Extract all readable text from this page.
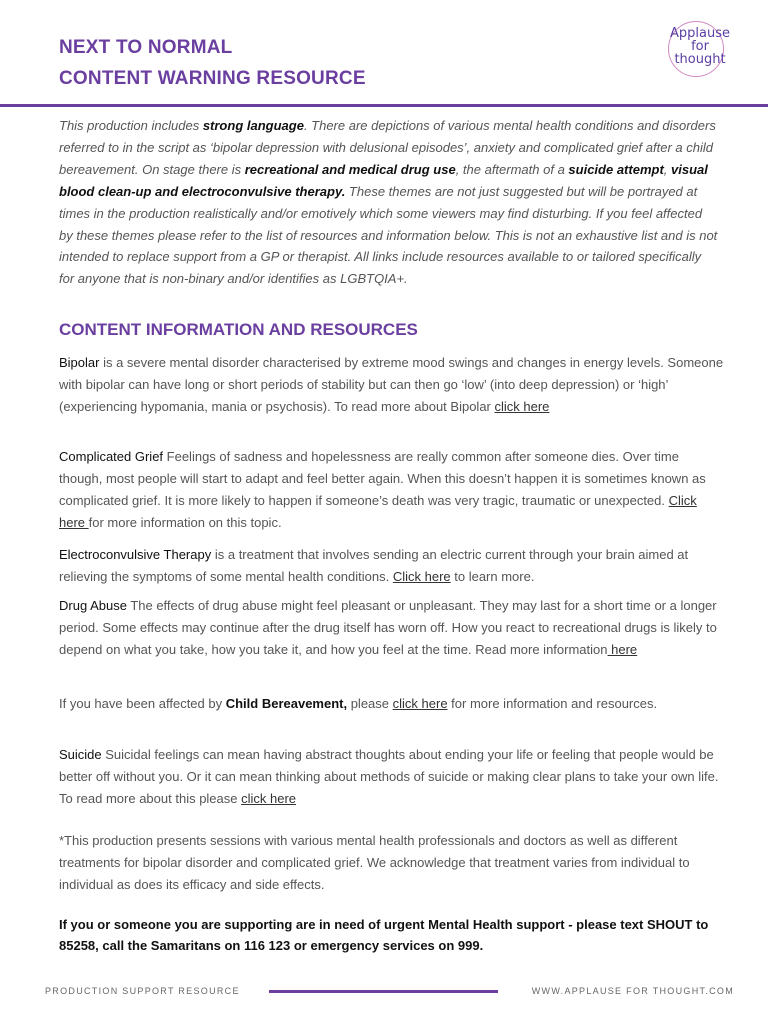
NEXT TO NORMAL
CONTENT WARNING RESOURCE
Applause
for
thought
This production includes strong language. There are depictions of various mental health conditions and disorders referred to in the script as ‘bipolar depression with delusional episodes’, anxiety and complicated grief after a child bereavement. On stage there is recreational and medical drug use, the aftermath of a suicide attempt, visual blood clean-up and electroconvulsive therapy. These themes are not just suggested but will be portrayed at times in the production realistically and/or emotively which some viewers may find disturbing. If you feel affected by these themes please refer to the list of resources and information below. This is not an exhaustive list and is not intended to replace support from a GP or therapist. All links include resources available to or tailored specifically for anyone that is non-binary and/or identifies as LGBTQIA+.
CONTENT INFORMATION AND RESOURCES
Bipolar is a severe mental disorder characterised by extreme mood swings and changes in energy levels. Someone with bipolar can have long or short periods of stability but can then go ‘low’ (into deep depression) or ‘high’ (experiencing hypomania, mania or psychosis). To read more about Bipolar click here
Complicated Grief Feelings of sadness and hopelessness are really common after someone dies. Over time though, most people will start to adapt and feel better again. When this doesn’t happen it is sometimes known as complicated grief. It is more likely to happen if someone’s death was very tragic, traumatic or unexpected. Click here for more information on this topic.
Electroconvulsive Therapy is a treatment that involves sending an electric current through your brain aimed at relieving the symptoms of some mental health conditions. Click here to learn more.
Drug Abuse The effects of drug abuse might feel pleasant or unpleasant. They may last for a short time or a longer period. Some effects may continue after the drug itself has worn off. How you react to recreational drugs is likely to depend on what you take, how you take it, and how you feel at the time. Read more information here
If you have been affected by Child Bereavement, please click here for more information and resources.
Suicide Suicidal feelings can mean having abstract thoughts about ending your life or feeling that people would be better off without you. Or it can mean thinking about methods of suicide or making clear plans to take your own life. To read more about this please click here
*This production presents sessions with various mental health professionals and doctors as well as different treatments for bipolar disorder and complicated grief. We acknowledge that treatment varies from individual to individual as does its efficacy and side effects.
If you or someone you are supporting are in need of urgent Mental Health support - please text SHOUT to 85258, call the Samaritans on 116 123 or emergency services on 999.
PRODUCTION SUPPORT RESOURCE	WWW.APPLAUSE FOR THOUGHT.COM
